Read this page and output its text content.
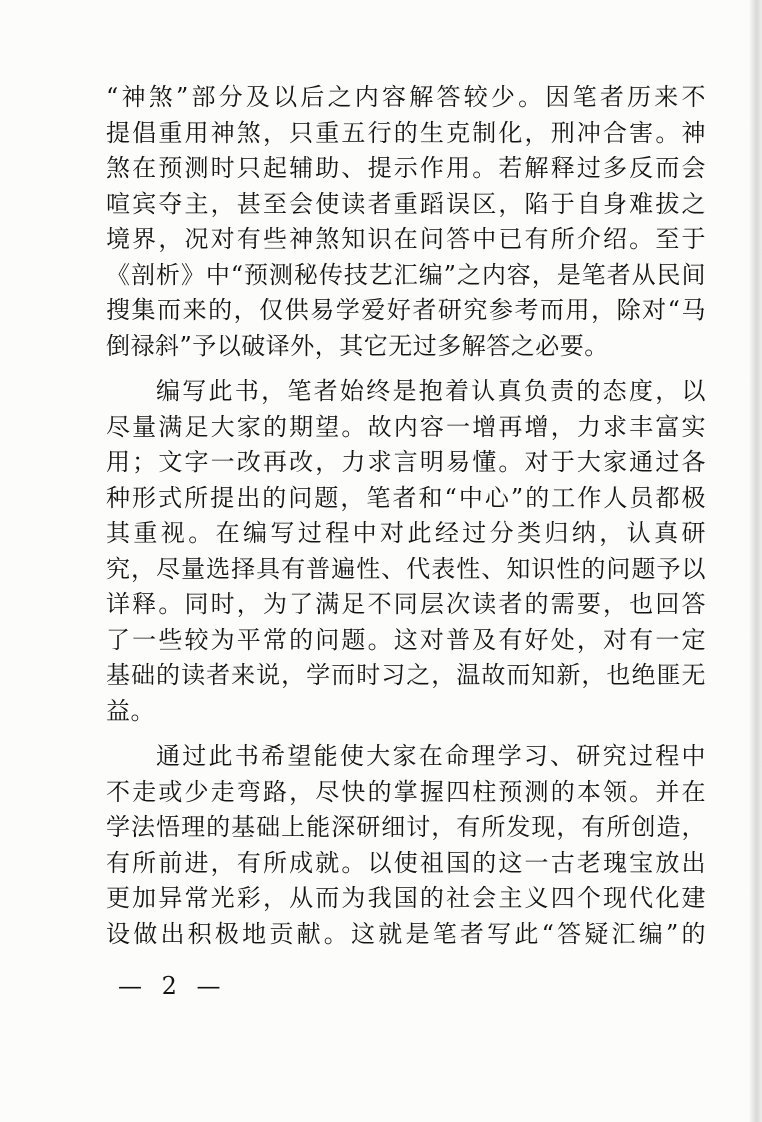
“神煞”部分及以后之内容解答较少。因笔者历来不
提倡重用神煞，只重五行的生克制化，刑冲合害。神
煞在预测时只起辅助、提示作用。若解释过多反而会
喧宾夺主，甚至会使读者重蹈误区，陷于自身难拔之
境界，况对有些神煞知识在问答中已有所介绍。至于
《剖析》中“预测秘传技艺汇编”之内容，是笔者从民间
搜集而来的，仅供易学爱好者研究参考而用，除对“马
倒禄斜”予以破译外，其它无过多解答之必要。
编写此书，笔者始终是抱着认真负责的态度，以
尽量满足大家的期望。故内容一增再增，力求丰富实
用；文字一改再改，力求言明易懂。对于大家通过各
种形式所提出的问题，笔者和“中心”的工作人员都极
其重视。在编写过程中对此经过分类归纳，认真研
究，尽量选择具有普遍性、代表性、知识性的问题予以
详释。同时，为了满足不同层次读者的需要，也回答
了一些较为平常的问题。这对普及有好处，对有一定
基础的读者来说，学而时习之，温故而知新，也绝匪无
益。
通过此书希望能使大家在命理学习、研究过程中
不走或少走弯路，尽快的掌握四柱预测的本领。并在
学法悟理的基础上能深研细讨，有所发现，有所创造，
有所前进，有所成就。以使祖国的这一古老瑰宝放出
更加异常光彩，从而为我国的社会主义四个现代化建
设做出积极地贡献。这就是笔者写此“答疑汇编”的
— 2 —
